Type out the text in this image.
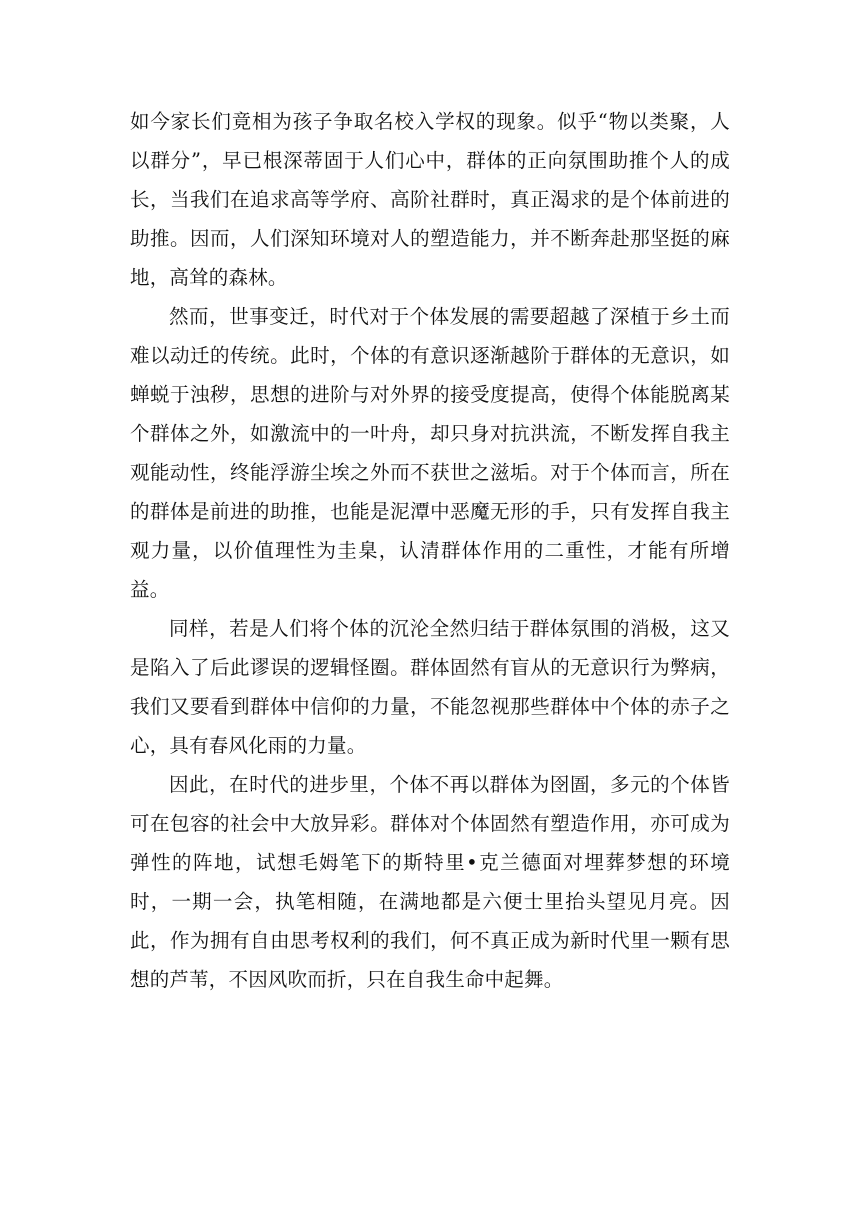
如今家长们竟相为孩子争取名校入学权的现象。似乎“物以类聚，人以群分”，早已根深蒂固于人们心中，群体的正向氛围助推个人的成长，当我们在追求高等学府、高阶社群时，真正渴求的是个体前进的助推。因而，人们深知环境对人的塑造能力，并不断奔赴那坚挺的麻地，高耸的森林。

然而，世事变迁，时代对于个体发展的需要超越了深植于乡土而难以动迁的传统。此时，个体的有意识逐渐越阶于群体的无意识，如蝉蜕于浊秽，思想的进阶与对外界的接受度提高，使得个体能脱离某个群体之外，如激流中的一叶舟，却只身对抗洪流，不断发挥自我主观能动性，终能浮游尘埃之外而不获世之滋垢。对于个体而言，所在的群体是前进的助推，也能是泥潭中恶魔无形的手，只有发挥自我主观力量，以价值理性为圭臬，认清群体作用的二重性，才能有所增益。

同样，若是人们将个体的沉沦全然归结于群体氛围的消极，这又是陷入了后此谬误的逻辑怪圈。群体固然有盲从的无意识行为弊病，我们又要看到群体中信仰的力量，不能忽视那些群体中个体的赤子之心，具有春风化雨的力量。

因此，在时代的进步里，个体不再以群体为囹圄，多元的个体皆可在包容的社会中大放异彩。群体对个体固然有塑造作用，亦可成为弹性的阵地，试想毛姆笔下的斯特里•克兰德面对埋葬梦想的环境时，一期一会，执笔相随，在满地都是六便士里抬头望见月亮。因此，作为拥有自由思考权利的我们，何不真正成为新时代里一颗有思想的芦苇，不因风吹而折，只在自我生命中起舞。
